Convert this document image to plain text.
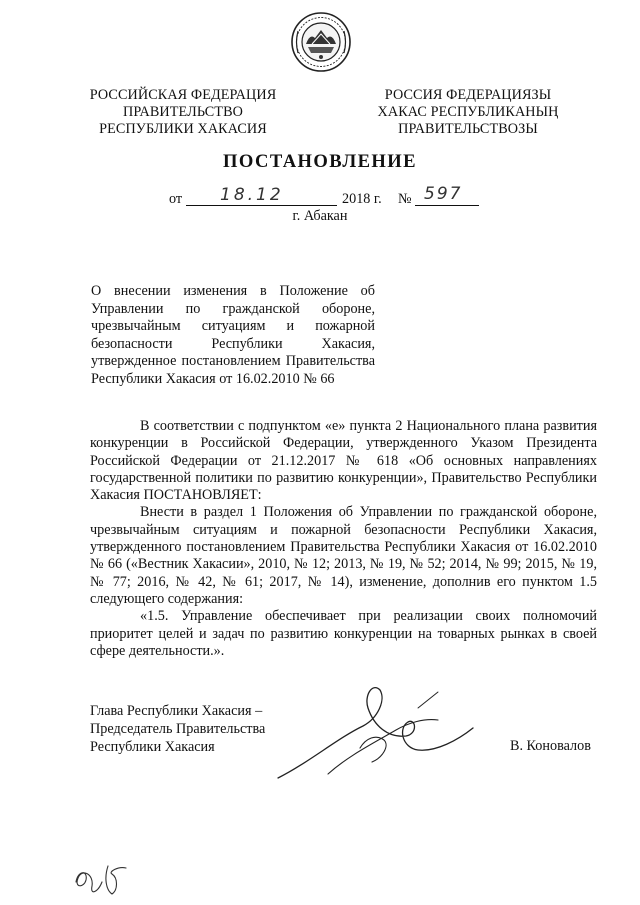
РОССИЙСКАЯ ФЕДЕРАЦИЯ
ПРАВИТЕЛЬСТВО
РЕСПУБЛИКИ ХАКАСИЯ
РОССИЯ ФЕДЕРАЦИЯЗЫ
ХАКАС РЕСПУБЛИКАНЫҢ
ПРАВИТЕЛЬСТВОЗЫ
ПОСТАНОВЛЕНИЕ
от 18.12	2018 г. № 597
г. Абакан
О внесении изменения в Положение об Управлении по гражданской обороне, чрезвычайным ситуациям и пожарной безопасности Республики Хакасия, утвержденное постановлением Правительства Республики Хакасия от 16.02.2010 № 66

В соответствии с подпунктом «е» пункта 2 Национального плана развития конкуренции в Российской Федерации, утвержденного Указом Президента Российской Федерации от 21.12.2017 № 618 «Об основных направлениях государственной политики по развитию конкуренции», Правительство Республики Хакасия ПОСТАНОВЛЯЕТ:

Внести в раздел 1 Положения об Управлении по гражданской обороне, чрезвычайным ситуациям и пожарной безопасности Республики Хакасия, утвержденного постановлением Правительства Республики Хакасия от 16.02.2010 № 66 («Вестник Хакасии», 2010, № 12; 2013, № 19, № 52; 2014, № 99; 2015, № 19, № 77; 2016, № 42, № 61; 2017, № 14), изменение, дополнив его пунктом 1.5 следующего содержания:

«1.5. Управление обеспечивает при реализации своих полномочий приоритет целей и задач по развитию конкуренции на товарных рынках в своей сфере деятельности.».

Глава Республики Хакасия –
Председатель Правительства
Республики Хакасия	В. Коновалов
